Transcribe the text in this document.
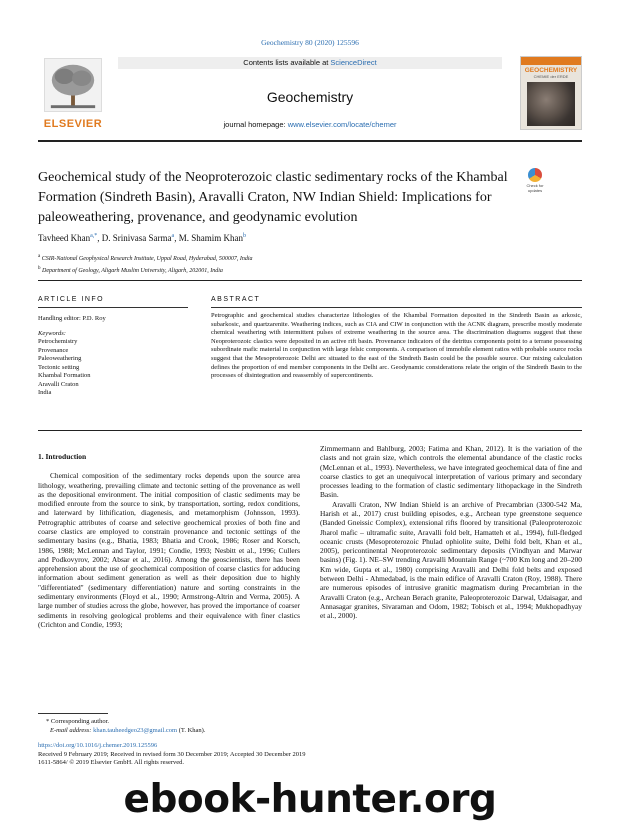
Geochemistry 80 (2020) 125596
ELSEVIER
Contents lists available at ScienceDirect
Geochemistry
journal homepage: www.elsevier.com/locate/chemer
GEOCHEMISTRY
CHEMIE der ERDE
Geochemical study of the Neoproterozoic clastic sedimentary rocks of the Khambal Formation (Sindreth Basin), Aravalli Craton, NW Indian Shield: Implications for paleoweathering, provenance, and geodynamic evolution
Check for updates
Tavheed Khan$^{a,*}$, D. Srinivasa Sarma$^a$, M. Shamim Khan$^b$
$^a$ CSIR-National Geophysical Research Institute, Uppal Road, Hyderabad, 500007, India
$^b$ Department of Geology, Aligarh Muslim University, Aligarh, 202001, India
ARTICLE INFO	ABSTRACT
Handling editor: P.D. Roy
Keywords:
Petrochemistry
Provenance
Paleoweathering
Tectonic setting
Khambal Formation
Aravalli Craton
India
Petrographic and geochemical studies characterize lithologies of the Khambal Formation deposited in the Sindreth Basin as arkosic, subarkosic, and quartzarenite. Weathering indices, such as CIA and CIW in conjunction with the ACNK diagram, prescribe mostly moderate chemical weathering with intermittent pulses of extreme weathering in the source area. The discrimination diagrams suggest that these Neoproterozoic clastics were deposited in an active rift basin. Provenance indicators of the detritus components point to a terrane possessing subordinate mafic material in conjunction with large felsic components. A comparison of immobile element ratios with probable source rocks suggest that the Mesoproterozoic Delhi arc situated to the east of the Sindreth Basin could be the possible source. Our mixing calculation defines the proportion of end member components in the Delhi arc. Geodynamic considerations relate the origin of the Sindreth Basin to the processes of disintegration and reassembly of supercontinents.
1. Introduction

Chemical composition of the sedimentary rocks depends upon the source area lithology, weathering, prevailing climate and tectonic setting of the provenance as well as the depositional environment. The initial composition of clastic sediments may be modified enroute from the source to sink, by transportation, sorting, redox conditions, and laterward by lithification, diagenesis, and metamorphism (Johnsson, 1993). Petrographic attributes of coarse and selective geochemical proxies of both fine and coarse clastics are employed to constrain provenance and tectonic settings of the sedimentary basins (e.g., Bhatia, 1983; Bhatia and Crook, 1986; Roser and Korsch, 1986, 1988; McLennan and Taylor, 1991; Condie, 1993; Nesbitt et al., 1996; Cullers and Podkovyrov, 2002; Absar et al., 2016). Among the geoscientists, there has been apprehension about the use of geochemical composition of coarse clastics for adducing information about sediment generation as well as their deposition due to highly "differentiated" (sedimentary differentiation) nature and sorting constraints in the sedimentary environments (Floyd et al., 1990; Armstrong-Altrin and Verma, 2005). A large number of studies across the globe, however, has proved the importance of coarser sediments in resolving geological problems and their equivalence with finer clastics (Crichton and Condie, 1993;

Zimmermann and Bahlburg, 2003; Fatima and Khan, 2012). It is the variation of the clasts and not grain size, which controls the elemental abundance of the clastic rocks (McLennan et al., 1993). Nevertheless, we have integrated geochemical data of fine and coarse clastics to get an unequivocal interpretation of various primary and secondary processes leading to the formation of clastic sedimentary lithopackage in the Sindreth Basin.

Aravalli Craton, NW Indian Shield is an archive of Precambrian (3300-542 Ma, Harish et al., 2017) crust building episodes, e.g., Archean type greenstone sequence (Banded Gneissic Complex), extensional rifts floored by transitional (Paleoproterozoic Jharol mafic – ultramafic suite, Aravalli fold belt, Hamatteh et al., 1994), full-fledged oceanic crusts (Mesoproterozoic Phulad ophiolite suite, Delhi fold belt, Khan et al., 2005), pericontinental Neoproterozoic sedimentary deposits (Vindhyan and Marwar basins) (Fig. 1). NE–SW trending Aravalli Mountain Range (~700 Km long and 20–200 Km wide, Gupta et al., 1980) comprising Aravalli and Delhi fold belts and exposed between Delhi - Ahmedabad, is the main edifice of Aravalli Craton (Roy, 1988). There are numerous episodes of intrusive granitic magmatism during Precambrian in the Aravalli Craton (e.g., Archean Berach granite, Paleoproterozoic Darwal, Udaisagar, and Annasagar granites, Sivaraman and Odom, 1982; Tobisch et al., 1994; Mukhopadhyay et al., 2000).

* Corresponding author.
E-mail address: khan.tauheedgeo23@gmail.com (T. Khan).
https://doi.org/10.1016/j.chemer.2019.125596
Received 9 February 2019; Received in revised form 30 December 2019; Accepted 30 December 2019
1611-5864/ © 2019 Elsevier GmbH. All rights reserved.
ebook-hunter.org
